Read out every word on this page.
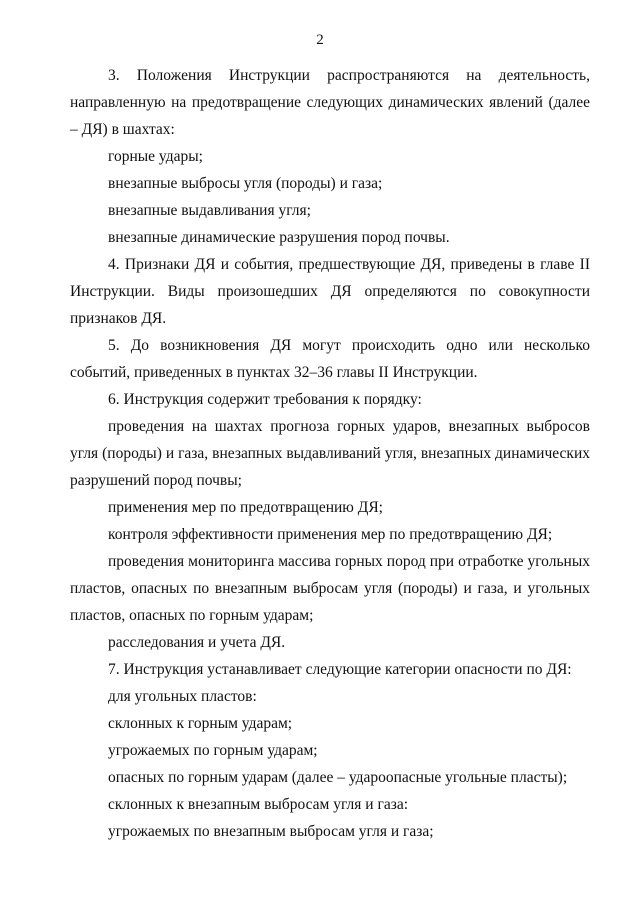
2

3. Положения Инструкции распространяются на деятельность, направленную на предотвращение следующих динамических явлений (далее – ДЯ) в шахтах:

горные удары;

внезапные выбросы угля (породы) и газа;

внезапные выдавливания угля;

внезапные динамические разрушения пород почвы.

4. Признаки ДЯ и события, предшествующие ДЯ, приведены в главе II Инструкции. Виды произошедших ДЯ определяются по совокупности признаков ДЯ.

5. До возникновения ДЯ могут происходить одно или несколько событий, приведенных в пунктах 32–36 главы II Инструкции.

6. Инструкция содержит требования к порядку:

проведения на шахтах прогноза горных ударов, внезапных выбросов угля (породы) и газа, внезапных выдавливаний угля, внезапных динамических разрушений пород почвы;

применения мер по предотвращению ДЯ;

контроля эффективности применения мер по предотвращению ДЯ;

проведения мониторинга массива горных пород при отработке угольных пластов, опасных по внезапным выбросам угля (породы) и газа, и угольных пластов, опасных по горным ударам;

расследования и учета ДЯ.

7. Инструкция устанавливает следующие категории опасности по ДЯ:

для угольных пластов:

склонных к горным ударам;

угрожаемых по горным ударам;

опасных по горным ударам (далее – удароопасные угольные пласты);

склонных к внезапным выбросам угля и газа:

угрожаемых по внезапным выбросам угля и газа;
